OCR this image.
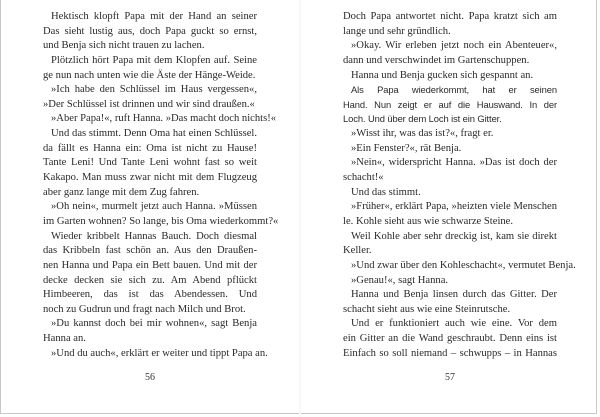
Hektisch klopft Papa mit der Hand an seiner
Das sieht lustig aus, doch Papa guckt so ernst,
und Benja sich nicht trauen zu lachen.
Plötzlich hört Papa mit dem Klopfen auf. Seine
ge nun nach unten wie die Äste der Hänge-Weide.
»Ich habe den Schlüssel im Haus vergessen«,
»Der Schlüssel ist drinnen und wir sind draußen.«
»Aber Papa!«, ruft Hanna. »Das macht doch nichts!«
Und das stimmt. Denn Oma hat einen Schlüssel.
da fällt es Hanna ein: Oma ist nicht zu Hause!
Tante Leni! Und Tante Leni wohnt fast so weit
Kakapo. Man muss zwar nicht mit dem Flugzeug
aber ganz lange mit dem Zug fahren.
»Oh nein«, murmelt jetzt auch Hanna. »Müssen
im Garten wohnen? So lange, bis Oma wiederkommt?«
Wieder kribbelt Hannas Bauch. Doch diesmal
das Kribbeln fast schön an. Aus den Draußen-
nen Hanna und Papa ein Bett bauen. Und mit der
decke decken sie sich zu. Am Abend pflückt
Himbeeren, das ist das Abendessen. Und
noch zu Gudrun und fragt nach Milch und Brot.
»Du kannst doch bei mir wohnen«, sagt Benja
Hanna an.
»Und du auch«, erklärt er weiter und tippt Papa an.
Doch Papa antwortet nicht. Papa kratzt sich am
lange und sehr gründlich.
»Okay. Wir erleben jetzt noch ein Abenteuer«,
dann und verschwindet im Gartenschuppen.
Hanna und Benja gucken sich gespannt an.
Als Papa wiederkommt, hat er seinen
Hand. Nun zeigt er auf die Hauswand. In der
Loch. Und über dem Loch ist ein Gitter.
»Wisst ihr, was das ist?«, fragt er.
»Ein Fenster?«, rät Benja.
»Nein«, widerspricht Hanna. »Das ist doch der
schacht!«
Und das stimmt.
»Früher«, erklärt Papa, »heizten viele Menschen
le. Kohle sieht aus wie schwarze Steine.
Weil Kohle aber sehr dreckig ist, kam sie direkt
Keller.
»Und zwar über den Kohleschacht«, vermutet Benja.
»Genau!«, sagt Hanna.
Hanna und Benja linsen durch das Gitter. Der
schacht sieht aus wie eine Steinrutsche.
Und er funktioniert auch wie eine. Vor dem
ein Gitter an die Wand geschraubt. Denn eins ist
Einfach so soll niemand – schwupps – in Hannas
56	57
